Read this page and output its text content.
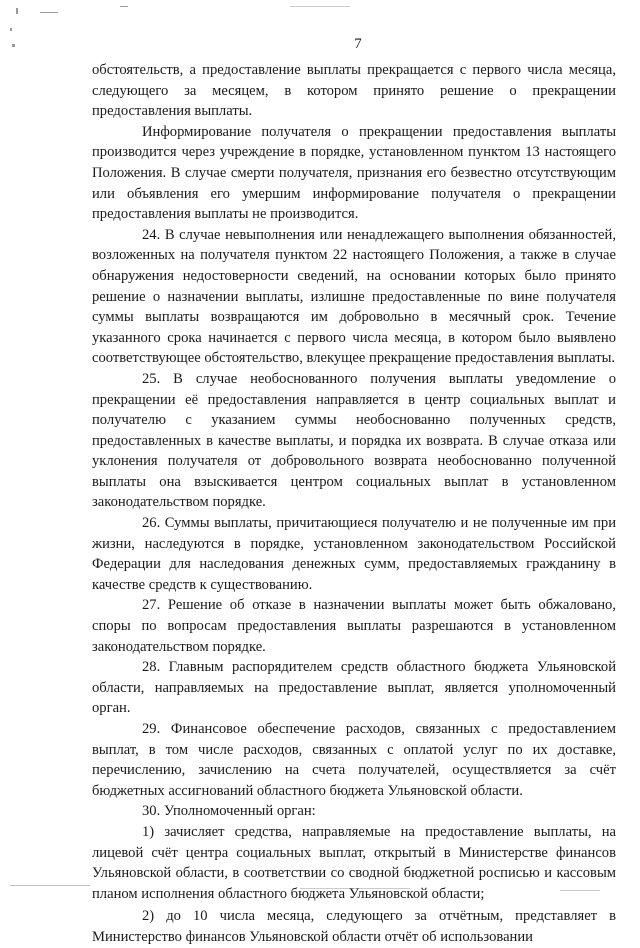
7

обстоятельств, а предоставление выплаты прекращается с первого числа месяца, следующего за месяцем, в котором принято решение о прекращении предоставления выплаты.

Информирование получателя о прекращении предоставления выплаты производится через учреждение в порядке, установленном пунктом 13 настоящего Положения. В случае смерти получателя, признания его безвестно отсутствующим или объявления его умершим информирование получателя о прекращении предоставления выплаты не производится.

24. В случае невыполнения или ненадлежащего выполнения обязанностей, возложенных на получателя пунктом 22 настоящего Положения, а также в случае обнаружения недостоверности сведений, на основании которых было принято решение о назначении выплаты, излишне предоставленные по вине получателя суммы выплаты возвращаются им добровольно в месячный срок. Течение указанного срока начинается с первого числа месяца, в котором было выявлено соответствующее обстоятельство, влекущее прекращение предоставления выплаты.

25. В случае необоснованного получения выплаты уведомление о прекращении её предоставления направляется в центр социальных выплат и получателю с указанием суммы необоснованно полученных средств, предоставленных в качестве выплаты, и порядка их возврата. В случае отказа или уклонения получателя от добровольного возврата необоснованно полученной выплаты она взыскивается центром социальных выплат в установленном законодательством порядке.

26. Суммы выплаты, причитающиеся получателю и не полученные им при жизни, наследуются в порядке, установленном законодательством Российской Федерации для наследования денежных сумм, предоставляемых гражданину в качестве средств к существованию.

27. Решение об отказе в назначении выплаты может быть обжаловано, споры по вопросам предоставления выплаты разрешаются в установленном законодательством порядке.

28. Главным распорядителем средств областного бюджета Ульяновской области, направляемых на предоставление выплат, является уполномоченный орган.

29. Финансовое обеспечение расходов, связанных с предоставлением выплат, в том числе расходов, связанных с оплатой услуг по их доставке, перечислению, зачислению на счета получателей, осуществляется за счёт бюджетных ассигнований областного бюджета Ульяновской области.

30. Уполномоченный орган:

1) зачисляет средства, направляемые на предоставление выплаты, на лицевой счёт центра социальных выплат, открытый в Министерстве финансов Ульяновской области, в соответствии со сводной бюджетной росписью и кассовым планом исполнения областного бюджета Ульяновской области;

2) до 10 числа месяца, следующего за отчётным, представляет в Министерство финансов Ульяновской области отчёт об использовании
